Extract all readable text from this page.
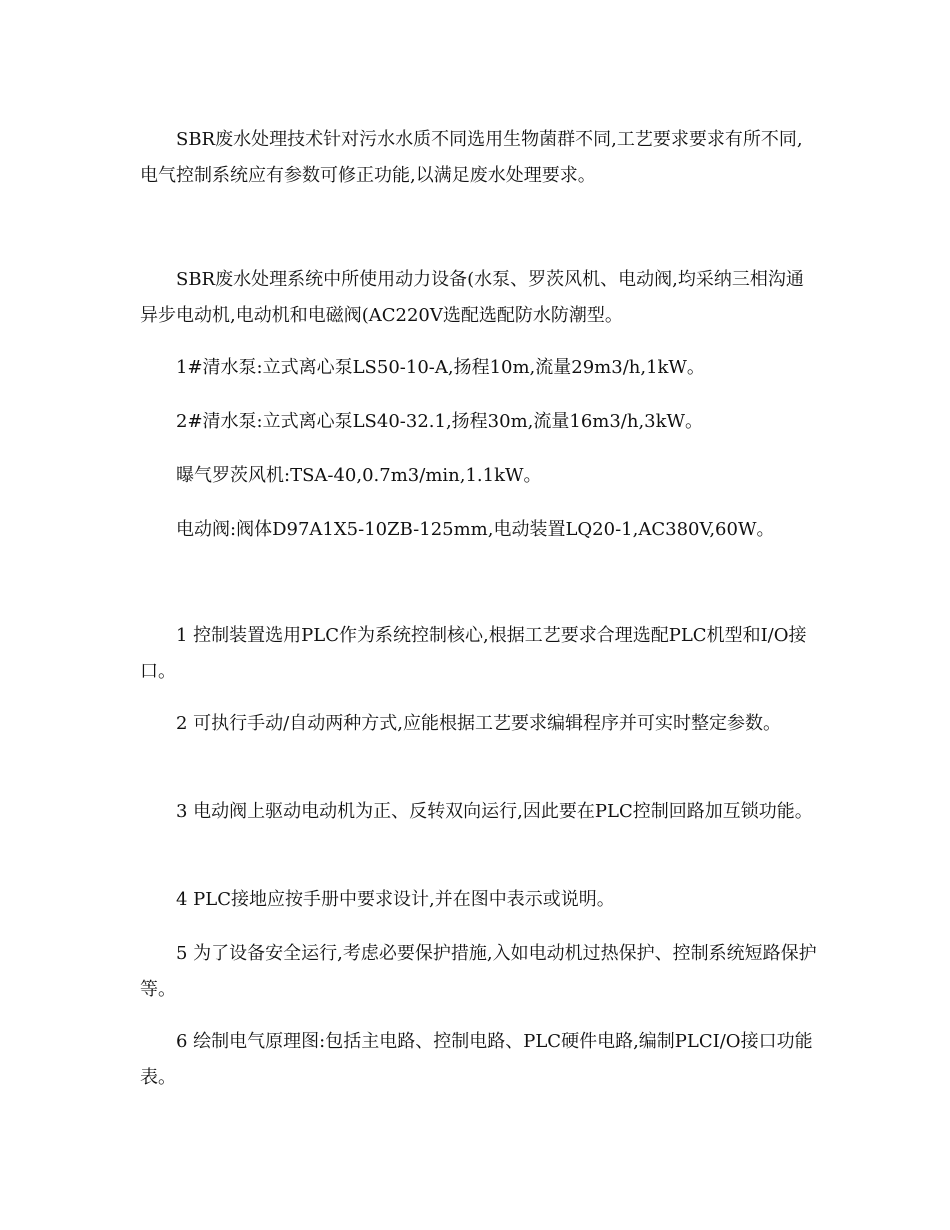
SBR废水处理技术针对污水水质不同选用生物菌群不同,工艺要求要求有所不同,电气控制系统应有参数可修正功能,以满足废水处理要求。

SBR废水处理系统中所使用动力设备(水泵、罗茨风机、电动阀,均采纳三相沟通异步电动机,电动机和电磁阀(AC220V选配选配防水防潮型。

1#清水泵:立式离心泵LS50-10-A,扬程10m,流量29m3/h,1kW。

2#清水泵:立式离心泵LS40-32.1,扬程30m,流量16m3/h,3kW。

曝气罗茨风机:TSA-40,0.7m3/min,1.1kW。

电动阀:阀体D97A1X5-10ZB-125mm,电动装置LQ20-1,AC380V,60W。

1 控制装置选用PLC作为系统控制核心,根据工艺要求合理选配PLC机型和I/O接口。

2 可执行手动/自动两种方式,应能根据工艺要求编辑程序并可实时整定参数。

3 电动阀上驱动电动机为正、反转双向运行,因此要在PLC控制回路加互锁功能。

4 PLC接地应按手册中要求设计,并在图中表示或说明。

5 为了设备安全运行,考虑必要保护措施,入如电动机过热保护、控制系统短路保护等。

6 绘制电气原理图:包括主电路、控制电路、PLC硬件电路,编制PLCI/O接口功能表。
